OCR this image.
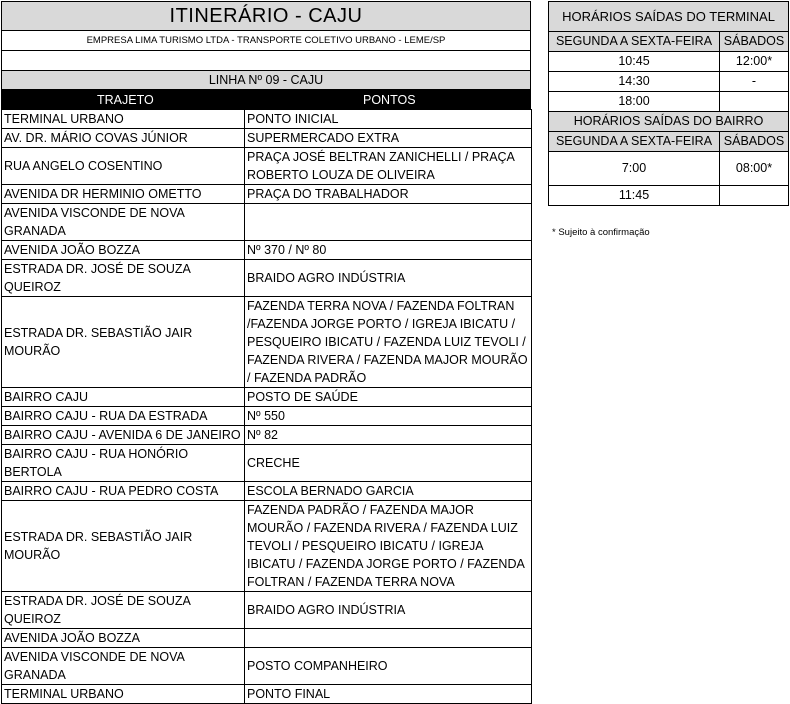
ITINERÁRIO - CAJU
EMPRESA LIMA TURISMO LTDA - TRANSPORTE COLETIVO URBANO - LEME/SP
LINHA Nº 09 - CAJU
TRAJETO	PONTOS
TERMINAL URBANO	PONTO INICIAL
AV. DR. MÁRIO COVAS JÚNIOR	SUPERMERCADO EXTRA
RUA ANGELO COSENTINO	PRAÇA JOSÉ BELTRAN ZANICHELLI / PRAÇA ROBERTO LOUZA DE OLIVEIRA
AVENIDA DR HERMINIO OMETTO	PRAÇA DO TRABALHADOR
AVENIDA VISCONDE DE NOVA GRANADA	
AVENIDA JOÃO BOZZA	Nº 370 / Nº 80
ESTRADA DR. JOSÉ DE SOUZA QUEIROZ	BRAIDO AGRO INDÚSTRIA
ESTRADA DR. SEBASTIÃO JAIR MOURÃO	FAZENDA TERRA NOVA / FAZENDA FOLTRAN /FAZENDA JORGE PORTO / IGREJA IBICATU / PESQUEIRO IBICATU / FAZENDA LUIZ TEVOLI / FAZENDA RIVERA / FAZENDA MAJOR MOURÃO / FAZENDA PADRÃO
BAIRRO CAJU	POSTO DE SAÚDE
BAIRRO CAJU - RUA DA ESTRADA	Nº 550
BAIRRO CAJU - AVENIDA 6 DE JANEIRO	Nº 82
BAIRRO CAJU - RUA HONÓRIO BERTOLA	CRECHE
BAIRRO CAJU - RUA PEDRO COSTA	ESCOLA BERNADO GARCIA
ESTRADA DR. SEBASTIÃO JAIR MOURÃO	FAZENDA PADRÃO / FAZENDA MAJOR MOURÃO / FAZENDA RIVERA / FAZENDA LUIZ TEVOLI / PESQUEIRO IBICATU / IGREJA IBICATU / FAZENDA JORGE PORTO / FAZENDA FOLTRAN / FAZENDA TERRA NOVA
ESTRADA DR. JOSÉ DE SOUZA QUEIROZ	BRAIDO AGRO INDÚSTRIA
AVENIDA JOÃO BOZZA	
AVENIDA VISCONDE DE NOVA GRANADA	POSTO COMPANHEIRO
TERMINAL URBANO	PONTO FINAL
HORÁRIOS SAÍDAS DO TERMINAL	
SEGUNDA A SEXTA-FEIRA	SÁBADOS
10:45	12:00*
14:30	-
18:00	
HORÁRIOS SAÍDAS DO BAIRRO	
SEGUNDA A SEXTA-FEIRA	SÁBADOS
7:00	08:00*
11:45	
* Sujeito à confirmação
